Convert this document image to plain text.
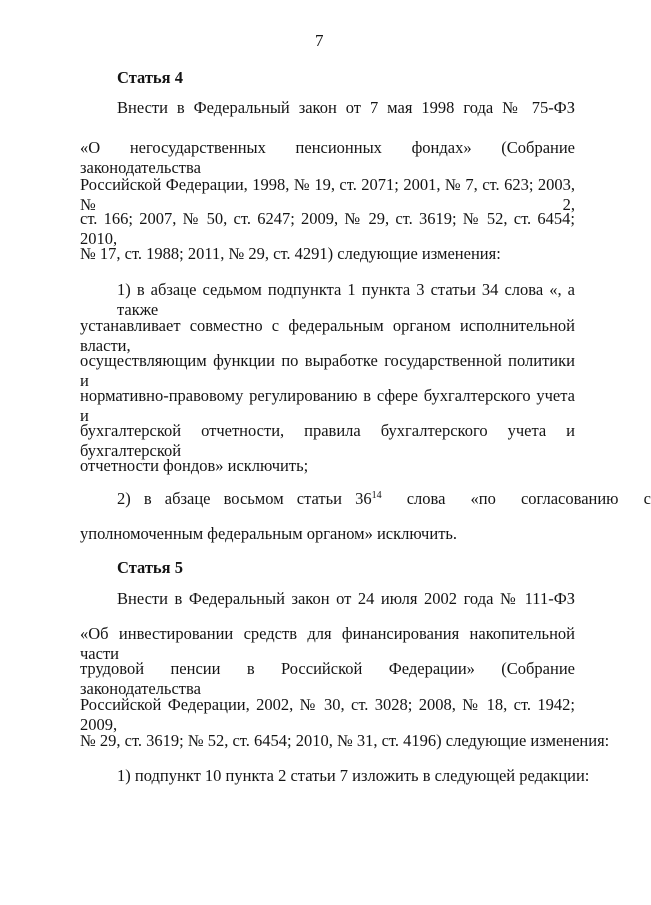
7
Статья 4
Внести в Федеральный закон от 7 мая 1998 года № 75-ФЗ
«О негосударственных пенсионных фондах» (Собрание законодательства
Российской Федерации, 1998, № 19, ст. 2071; 2001, № 7, ст. 623; 2003, № 2,
ст. 166; 2007, № 50, ст. 6247; 2009, № 29, ст. 3619; № 52, ст. 6454; 2010,
№ 17, ст. 1988; 2011, № 29, ст. 4291) следующие изменения:
1) в абзаце седьмом подпункта 1 пункта 3 статьи 34 слова «, а также
устанавливает совместно с федеральным органом исполнительной власти,
осуществляющим функции по выработке государственной политики и
нормативно-правовому регулированию в сфере бухгалтерского учета и
бухгалтерской отчетности, правила бухгалтерского учета и бухгалтерской
отчетности фондов» исключить;
2) в абзаце восьмом статьи $36^{14}$ слова «по согласованию с
уполномоченным федеральным органом» исключить.
Статья 5
Внести в Федеральный закон от 24 июля 2002 года № 111-ФЗ
«Об инвестировании средств для финансирования накопительной части
трудовой пенсии в Российской Федерации» (Собрание законодательства
Российской Федерации, 2002, № 30, ст. 3028; 2008, № 18, ст. 1942; 2009,
№ 29, ст. 3619; № 52, ст. 6454; 2010, № 31, ст. 4196) следующие изменения:
1) подпункт 10 пункта 2 статьи 7 изложить в следующей редакции:
